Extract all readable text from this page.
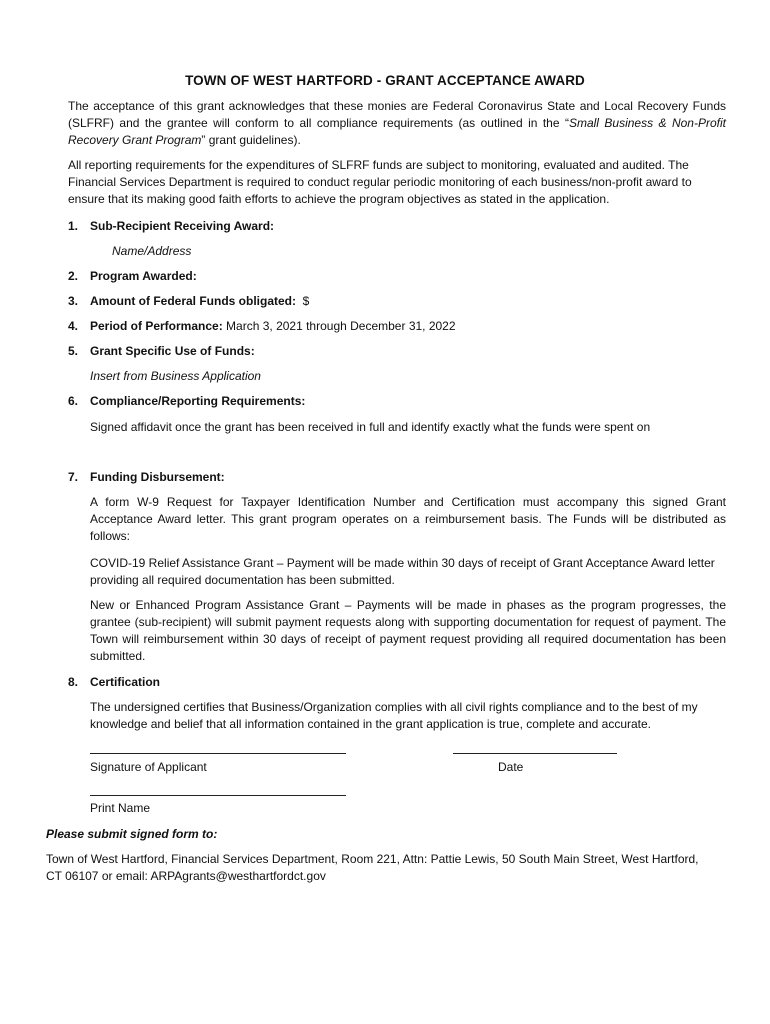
TOWN OF WEST HARTFORD - GRANT ACCEPTANCE AWARD
The acceptance of this grant acknowledges that these monies are Federal Coronavirus State and Local Recovery Funds (SLFRF) and the grantee will conform to all compliance requirements (as outlined in the “Small Business & Non-Profit Recovery Grant Program” grant guidelines).
All reporting requirements for the expenditures of SLFRF funds are subject to monitoring, evaluated and audited. The Financial Services Department is required to conduct regular periodic monitoring of each business/non-profit award to ensure that its making good faith efforts to achieve the program objectives as stated in the application.
1. Sub-Recipient Receiving Award:
Name/Address
2. Program Awarded:
3. Amount of Federal Funds obligated: $
4. Period of Performance: March 3, 2021 through December 31, 2022
5. Grant Specific Use of Funds:
Insert from Business Application
6. Compliance/Reporting Requirements:
Signed affidavit once the grant has been received in full and identify exactly what the funds were spent on
7. Funding Disbursement:
A form W-9 Request for Taxpayer Identification Number and Certification must accompany this signed Grant Acceptance Award letter. This grant program operates on a reimbursement basis. The Funds will be distributed as follows:
COVID-19 Relief Assistance Grant – Payment will be made within 30 days of receipt of Grant Acceptance Award letter providing all required documentation has been submitted.
New or Enhanced Program Assistance Grant – Payments will be made in phases as the program progresses, the grantee (sub-recipient) will submit payment requests along with supporting documentation for request of payment. The Town will reimbursement within 30 days of receipt of payment request providing all required documentation has been submitted.
8. Certification
The undersigned certifies that Business/Organization complies with all civil rights compliance and to the best of my knowledge and belief that all information contained in the grant application is true, complete and accurate.
Signature of Applicant	Date
Print Name
Please submit signed form to:
Town of West Hartford, Financial Services Department, Room 221, Attn: Pattie Lewis, 50 South Main Street, West Hartford, CT 06107 or email: ARPAgrants@westhartfordct.gov
